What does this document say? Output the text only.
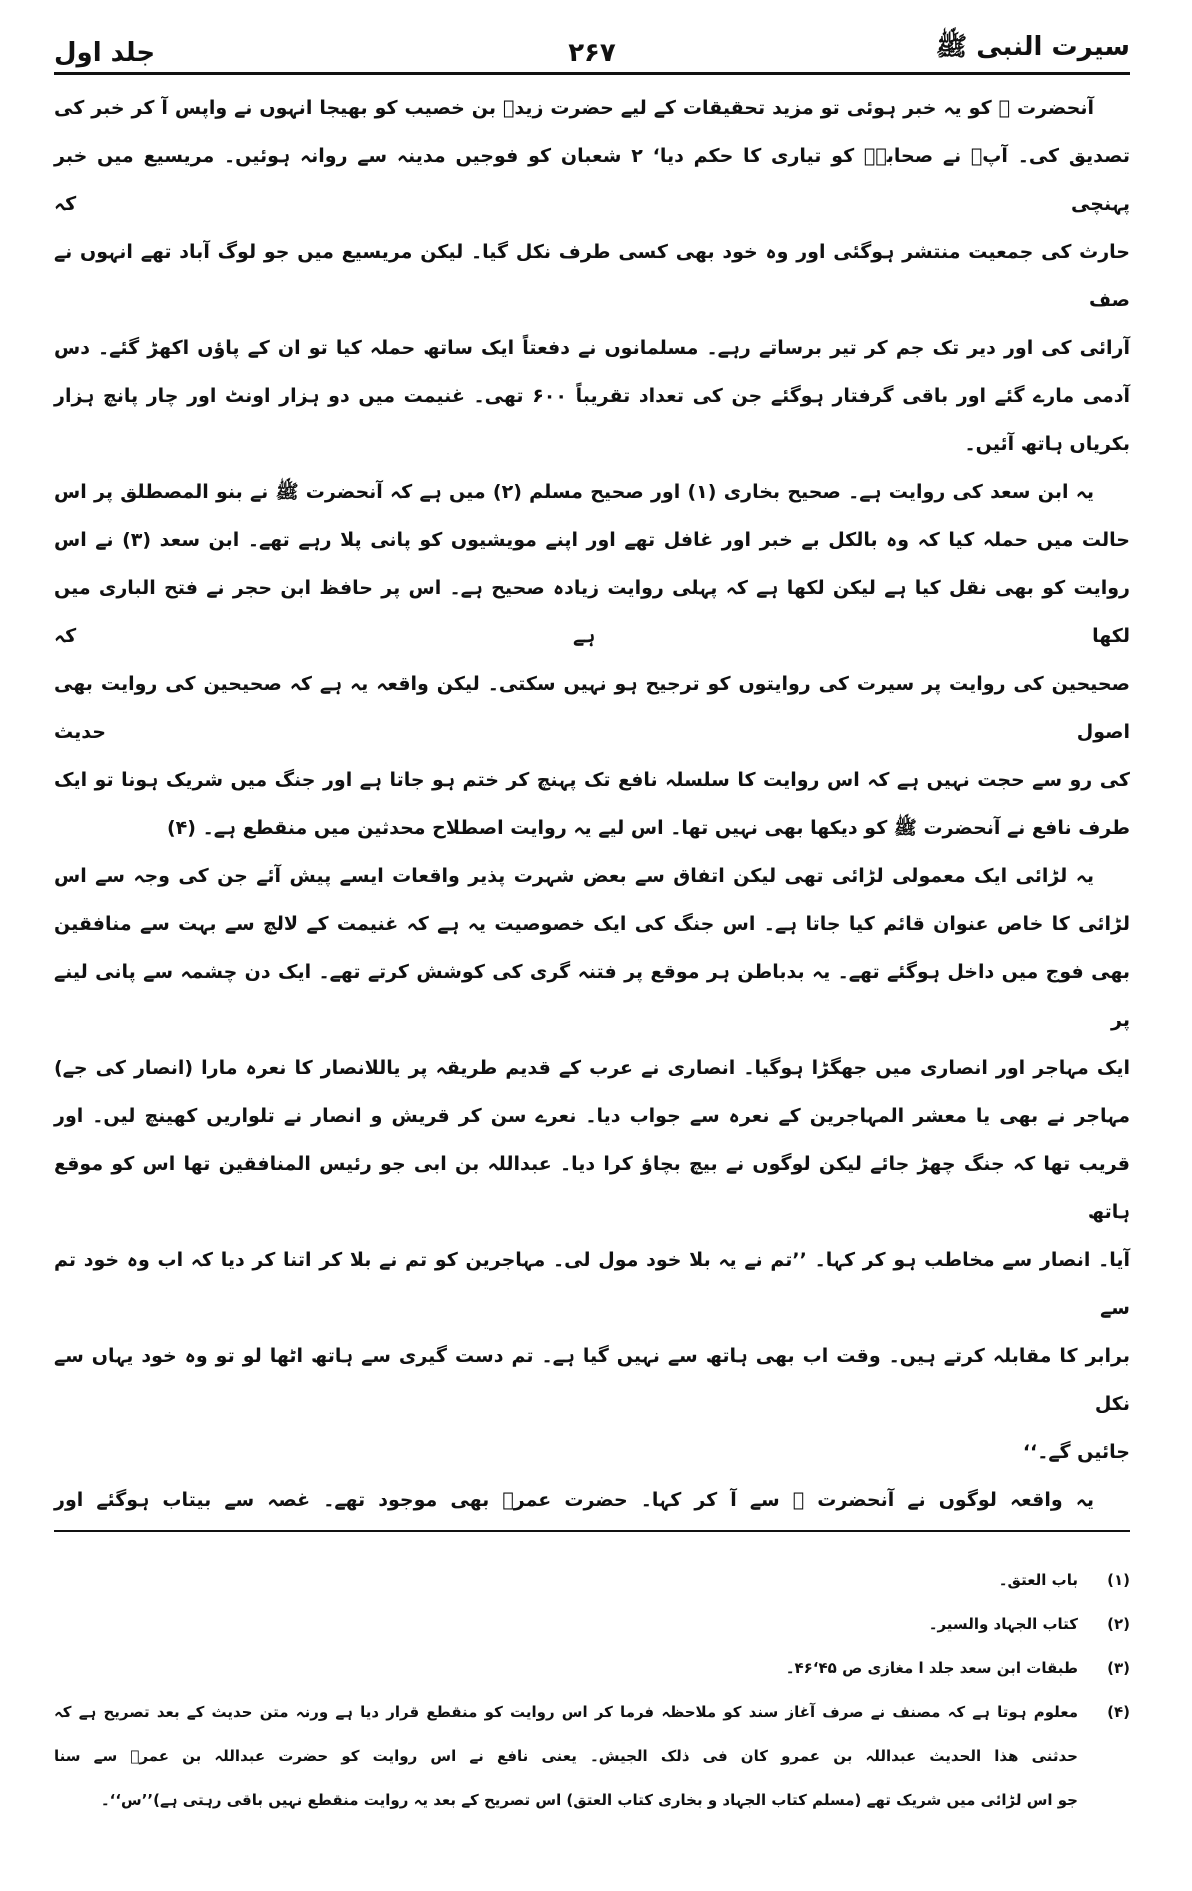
سیرت النبی ﷺ
۲۶۷
جلد اول
آنحضرت ﷺ کو یہ خبر ہوئی تو مزید تحقیقات کے لیے حضرت زیدؓ بن خصیب کو بھیجا انہوں نے واپس آ کر خبر کی
تصدیق کی۔ آپؐ نے صحابہؓ کو تیاری کا حکم دیا‘ ۲ شعبان کو فوجیں مدینہ سے روانہ ہوئیں۔ مریسیع میں خبر پہنچی کہ
حارث کی جمعیت منتشر ہوگئی اور وہ خود بھی کسی طرف نکل گیا۔ لیکن مریسیع میں جو لوگ آباد تھے انہوں نے صف
آرائی کی اور دیر تک جم کر تیر برساتے رہے۔ مسلمانوں نے دفعتاً ایک ساتھ حملہ کیا تو ان کے پاؤں اکھڑ گئے۔ دس
آدمی مارے گئے اور باقی گرفتار ہوگئے جن کی تعداد تقریباً ۶۰۰ تھی۔ غنیمت میں دو ہزار اونٹ اور چار پانچ ہزار
بکریاں ہاتھ آئیں۔
یہ ابن سعد کی روایت ہے۔ صحیح بخاری (۱) اور صحیح مسلم (۲) میں ہے کہ آنحضرت ﷺ نے بنو المصطلق پر اس
حالت میں حملہ کیا کہ وہ بالکل بے خبر اور غافل تھے اور اپنے مویشیوں کو پانی پلا رہے تھے۔ ابن سعد (۳) نے اس
روایت کو بھی نقل کیا ہے لیکن لکھا ہے کہ پہلی روایت زیادہ صحیح ہے۔ اس پر حافظ ابن حجر نے فتح الباری میں لکھا ہے کہ
صحیحین کی روایت پر سیرت کی روایتوں کو ترجیح ہو نہیں سکتی۔ لیکن واقعہ یہ ہے کہ صحیحین کی روایت بھی اصول حدیث
کی رو سے حجت نہیں ہے کہ اس روایت کا سلسلہ نافع تک پہنچ کر ختم ہو جاتا ہے اور جنگ میں شریک ہونا تو ایک
طرف نافع نے آنحضرت ﷺ کو دیکھا بھی نہیں تھا۔ اس لیے یہ روایت اصطلاح محدثین میں منقطع ہے۔ (۴)
یہ لڑائی ایک معمولی لڑائی تھی لیکن اتفاق سے بعض شہرت پذیر واقعات ایسے پیش آئے جن کی وجہ سے اس
لڑائی کا خاص عنوان قائم کیا جاتا ہے۔ اس جنگ کی ایک خصوصیت یہ ہے کہ غنیمت کے لالچ سے بہت سے منافقین
بھی فوج میں داخل ہوگئے تھے۔ یہ بدباطن ہر موقع پر فتنہ گری کی کوشش کرتے تھے۔ ایک دن چشمہ سے پانی لینے پر
ایک مہاجر اور انصاری میں جھگڑا ہوگیا۔ انصاری نے عرب کے قدیم طریقہ پر یاللانصار کا نعرہ مارا (انصار کی جے)
مہاجر نے بھی یا معشر المہاجرین کے نعرہ سے جواب دیا۔ نعرے سن کر قریش و انصار نے تلواریں کھینچ لیں۔ اور
قریب تھا کہ جنگ چھڑ جائے لیکن لوگوں نے بیچ بچاؤ کرا دیا۔ عبداللہ بن ابی جو رئیس المنافقین تھا اس کو موقع ہاتھ
آیا۔ انصار سے مخاطب ہو کر کہا۔ ’’تم نے یہ بلا خود مول لی۔ مہاجرین کو تم نے بلا کر اتنا کر دیا کہ اب وہ خود تم سے
برابر کا مقابلہ کرتے ہیں۔ وقت اب بھی ہاتھ سے نہیں گیا ہے۔ تم دست گیری سے ہاتھ اٹھا لو تو وہ خود یہاں سے نکل
جائیں گے۔‘‘
یہ واقعہ لوگوں نے آنحضرت ﷺ سے آ کر کہا۔ حضرت عمرؓ بھی موجود تھے۔ غصہ سے بیتاب ہوگئے اور
(۱)
باب العتق۔
(۲)
کتاب الجہاد والسیر۔
(۳)
طبقات ابن سعد جلد ا مغازی ص ۴۵‘۴۶۔
(۴)
معلوم ہوتا ہے کہ مصنف نے صرف آغاز سند کو ملاحظہ فرما کر اس روایت کو منقطع قرار دیا ہے ورنہ متن حدیث کے بعد تصریح ہے کہ
حدثنی ھذا الحدیث عبداللہ بن عمرو کان فی ذلک الجیش۔ یعنی نافع نے اس روایت کو حضرت عبداللہ بن عمرؓ سے سنا
جو اس لڑائی میں شریک تھے (مسلم کتاب الجہاد و بخاری کتاب العتق) اس تصریح کے بعد یہ روایت منقطع نہیں باقی رہتی ہے)’’س‘‘۔
